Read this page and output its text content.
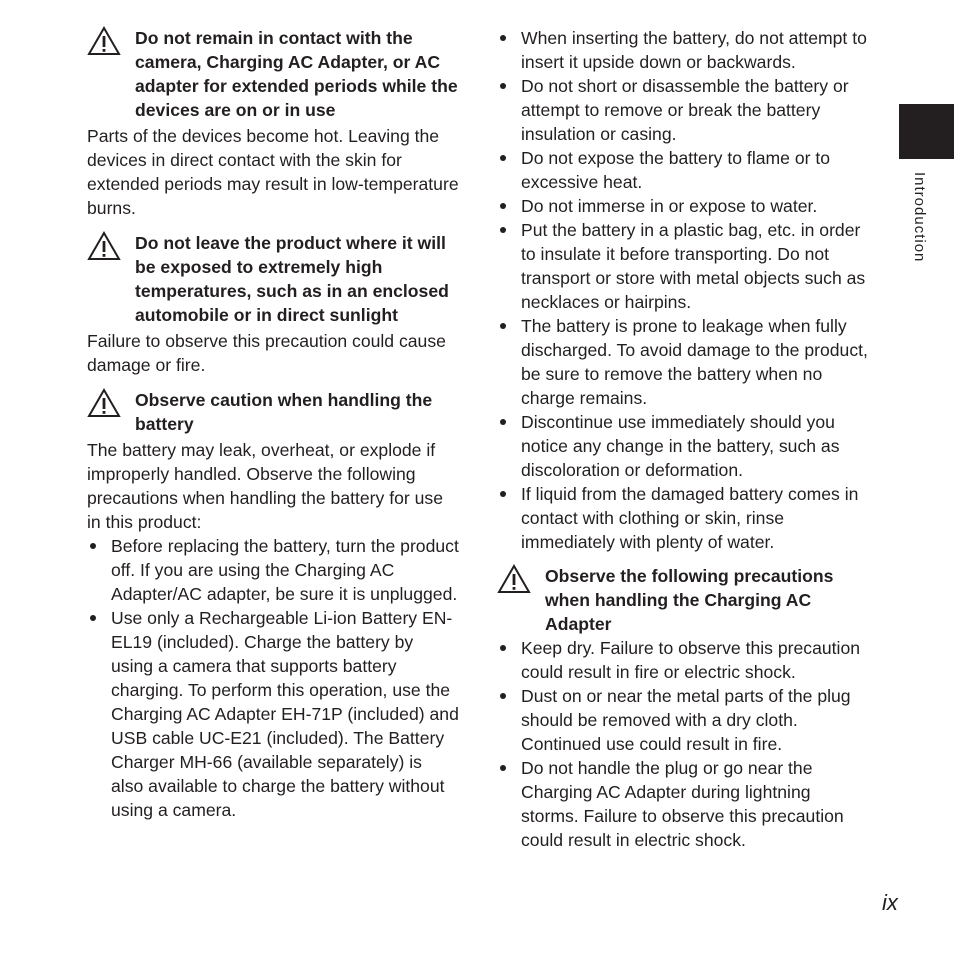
Do not remain in contact with the camera, Charging AC Adapter, or AC adapter for extended periods while the devices are on or in use

Parts of the devices become hot. Leaving the devices in direct contact with the skin for extended periods may result in low-temperature burns.

Do not leave the product where it will be exposed to extremely high temperatures, such as in an enclosed automobile or in direct sunlight

Failure to observe this precaution could cause damage or fire.

Observe caution when handling the battery

The battery may leak, overheat, or explode if improperly handled. Observe the following precautions when handling the battery for use in this product:

Before replacing the battery, turn the product off. If you are using the Charging AC Adapter/AC adapter, be sure it is unplugged.
Use only a Rechargeable Li-ion Battery EN-EL19 (included). Charge the battery by using a camera that supports battery charging. To perform this operation, use the Charging AC Adapter EH-71P (included) and USB cable UC-E21 (included). The Battery Charger MH-66 (available separately) is also available to charge the battery without using a camera.
When inserting the battery, do not attempt to insert it upside down or backwards.
Do not short or disassemble the battery or attempt to remove or break the battery insulation or casing.
Do not expose the battery to flame or to excessive heat.
Do not immerse in or expose to water.
Put the battery in a plastic bag, etc. in order to insulate it before transporting. Do not transport or store with metal objects such as necklaces or hairpins.
The battery is prone to leakage when fully discharged. To avoid damage to the product, be sure to remove the battery when no charge remains.
Discontinue use immediately should you notice any change in the battery, such as discoloration or deformation.
If liquid from the damaged battery comes in contact with clothing or skin, rinse immediately with plenty of water.

Observe the following precautions when handling the Charging AC Adapter

Keep dry. Failure to observe this precaution could result in fire or electric shock.
Dust on or near the metal parts of the plug should be removed with a dry cloth. Continued use could result in fire.
Do not handle the plug or go near the Charging AC Adapter during lightning storms. Failure to observe this precaution could result in electric shock.
Introduction
ix
